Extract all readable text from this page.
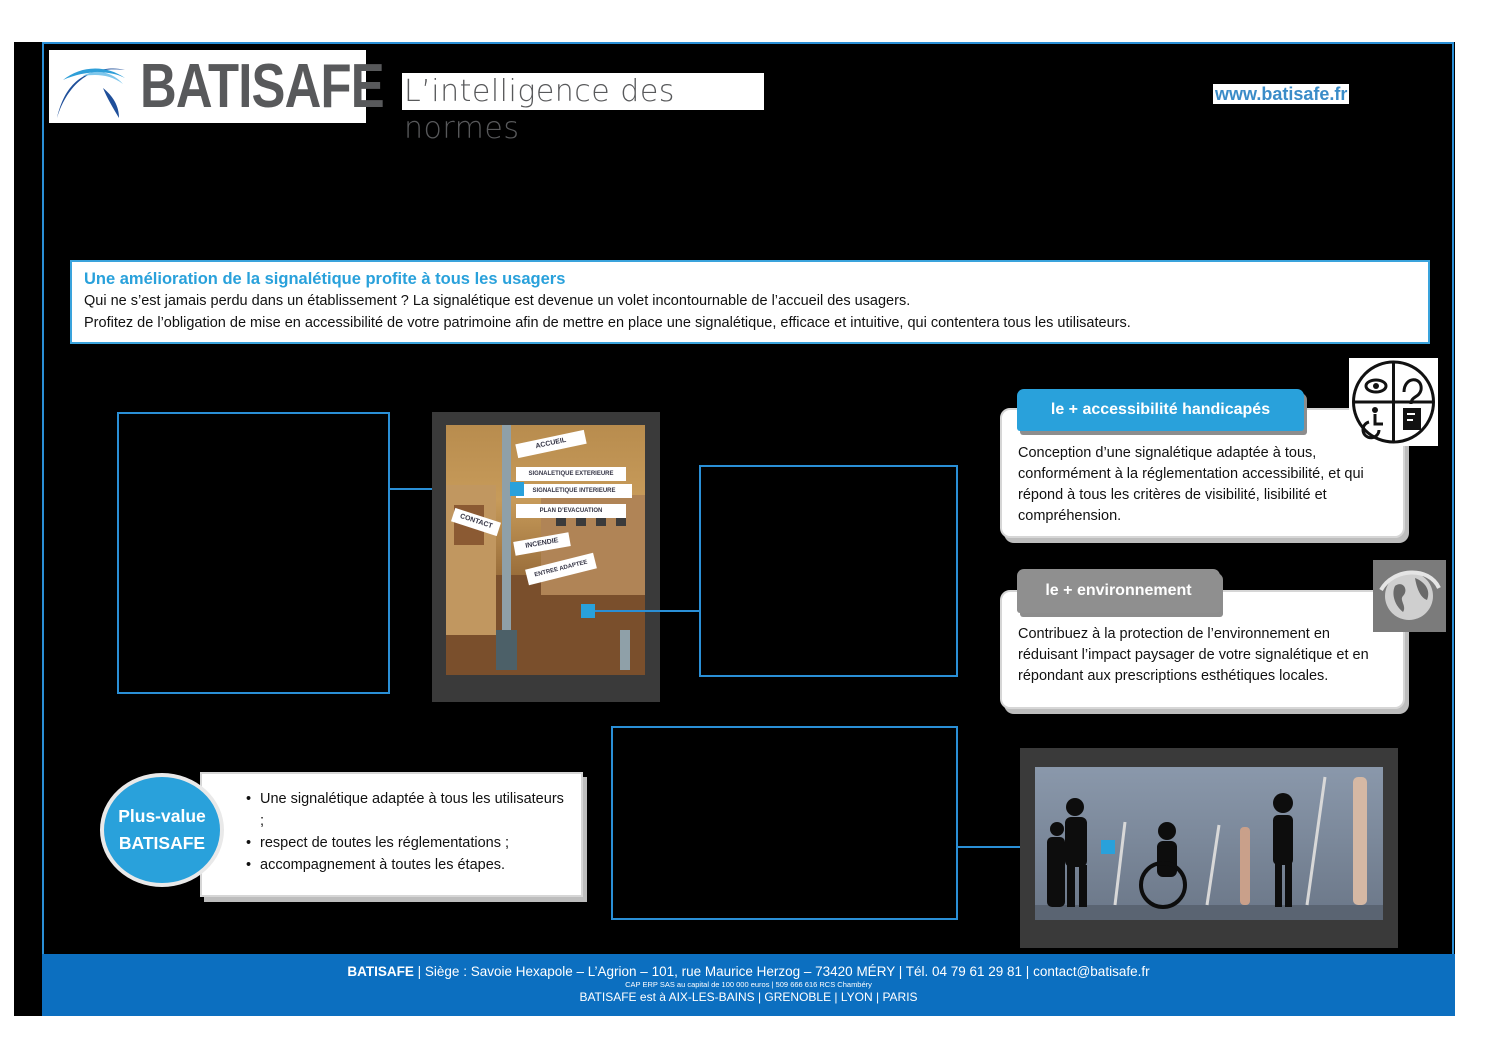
BATISAFE L’intelligence des normes
www.batisafe.fr
Une amélioration de la signalétique profite à tous les usagers
Qui ne s’est jamais perdu dans un établissement ? La signalétique est devenue un volet incontournable de l’accueil des usagers.
Profitez de l’obligation de mise en accessibilité de votre patrimoine afin de mettre en place une signalétique, efficace et intuitive, qui contentera tous les utilisateurs.
ACCUEIL
SIGNALETIQUE EXTERIEURE
SIGNALETIQUE INTERIEURE
PLAN D’EVACUATION
CONTACT
INCENDIE
ENTREE ADAPTEE
Conception d’une signalétique adaptée à tous, conformément à la réglementation accessibilité, et qui répond à tous les critères de visibilité, lisibilité et compréhension.
le + accessibilité handicapés
Contribuez à la protection de l’environnement en réduisant l’impact paysager de votre signalétique et en répondant aux prescriptions esthétiques locales.
le + environnement
Plus-value
BATISAFE
• Une signalétique adaptée à tous les utilisateurs ;
• respect de toutes les réglementations ;
• accompagnement à toutes les étapes.
BATISAFE | Siège : Savoie Hexapole – L’Agrion – 101, rue Maurice Herzog – 73420 MÉRY | Tél. 04 79 61 29 81 | contact@batisafe.fr
CAP ERP SAS au capital de 100 000 euros | 509 666 616 RCS Chambéry
BATISAFE est à AIX-LES-BAINS | GRENOBLE | LYON | PARIS
